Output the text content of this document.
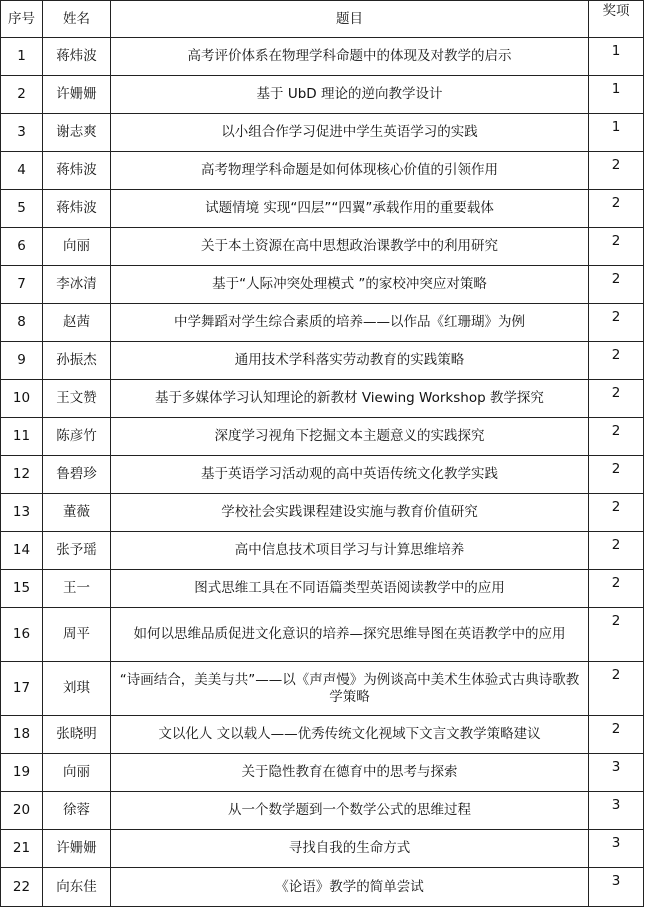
序号	姓名	题目	奖项
1	蒋炜波	高考评价体系在物理学科命题中的体现及对教学的启示	1
2	许姗姗	基于 UbD 理论的逆向教学设计	1
3	谢志爽	以小组合作学习促进中学生英语学习的实践	1
4	蒋炜波	高考物理学科命题是如何体现核心价值的引领作用	2
5	蒋炜波	试题情境 实现“四层”“四翼”承载作用的重要载体	2
6	向丽	关于本土资源在高中思想政治课教学中的利用研究	2
7	李冰清	基于“人际冲突处理模式 ”的家校冲突应对策略	2
8	赵茜	中学舞蹈对学生综合素质的培养——以作品《红珊瑚》为例	2
9	孙振杰	通用技术学科落实劳动教育的实践策略	2
10	王文赞	基于多媒体学习认知理论的新教材 Viewing Workshop 教学探究	2
11	陈彦竹	深度学习视角下挖掘文本主题意义的实践探究	2
12	鲁碧珍	基于英语学习活动观的高中英语传统文化教学实践	2
13	董薇	学校社会实践课程建设实施与教育价值研究	2
14	张予瑶	高中信息技术项目学习与计算思维培养	2
15	王一	图式思维工具在不同语篇类型英语阅读教学中的应用	2
16	周平	如何以思维品质促进文化意识的培养—探究思维导图在英语教学中的应用	2
17	刘琪	“诗画结合，美美与共”——以《声声慢》为例谈高中美术生体验式古典诗歌教学策略	2
18	张晓明	文以化人 文以载人——优秀传统文化视域下文言文教学策略建议	2
19	向丽	关于隐性教育在德育中的思考与探索	3
20	徐蓉	从一个数学题到一个数学公式的思维过程	3
21	许姗姗	寻找自我的生命方式	3
22	向东佳	《论语》教学的简单尝试	3
